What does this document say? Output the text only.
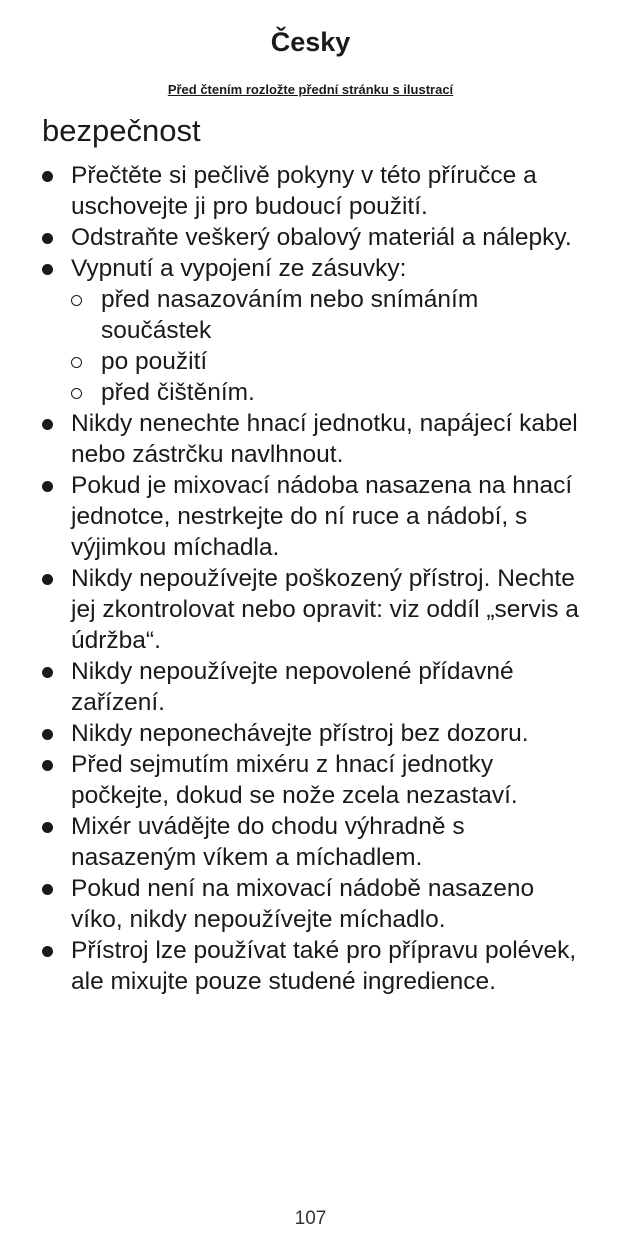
Česky
Před čtením rozložte přední stránku s ilustrací
bezpečnost
Přečtěte si pečlivě pokyny v této příručce a uschovejte ji pro budoucí použití.
Odstraňte veškerý obalový materiál a nálepky.
Vypnutí a vypojení ze zásuvky:
před nasazováním nebo snímáním součástek
po použití
před čištěním.
Nikdy nenechte hnací jednotku, napájecí kabel nebo zástrčku navlhnout.
Pokud je mixovací nádoba nasazena na hnací jednotce, nestrkejte do ní ruce a nádobí, s výjimkou míchadla.
Nikdy nepoužívejte poškozený přístroj. Nechte jej zkontrolovat nebo opravit: viz oddíl „servis a údržba“.
Nikdy nepoužívejte nepovolené přídavné zařízení.
Nikdy neponechávejte přístroj bez dozoru.
Před sejmutím mixéru z hnací jednotky počkejte, dokud se nože zcela nezastaví.
Mixér uvádějte do chodu výhradně s nasazeným víkem a míchadlem.
Pokud není na mixovací nádobě nasazeno víko, nikdy nepoužívejte míchadlo.
Přístroj lze používat také pro přípravu polévek, ale mixujte pouze studené ingredience.
107
